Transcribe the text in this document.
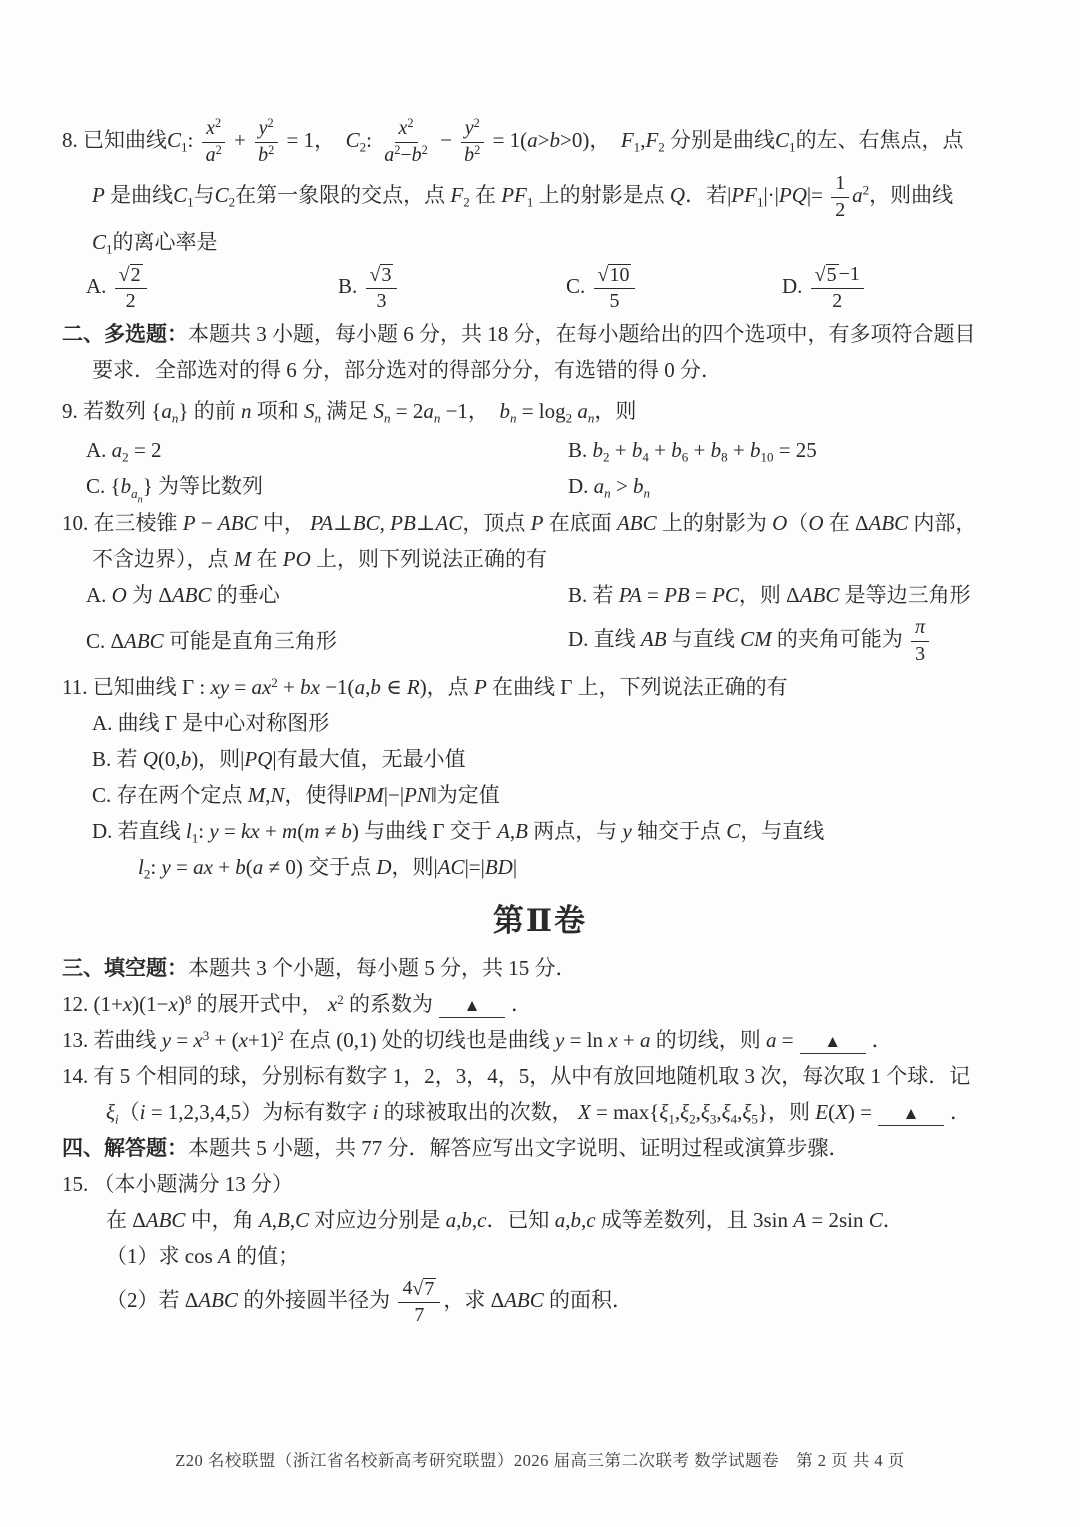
8. 已知曲线$C_1$: $\frac{x^2}{a^2} + \frac{y^2}{b^2} = 1$，  $C_2$: $\frac{x^2}{a^2-b^2} - \frac{y^2}{b^2} = 1(a>b>0)$，  $F_1,F_2$ 分别是曲线$C_1$的左、右焦点，点
P 是曲线$C_1$与$C_2$在第一象限的交点，点 $F_2$ 在 $PF_1$ 上的射影是点 Q．若$|PF_1|\cdot|PQ|= \frac{1}{2} a^2$，则曲线
$C_1$的离心率是
A. $\frac{√ 2}{2}$	B. $\frac{√ 3}{3}$	C. $\frac{√ 10}{5}$	D. $\frac{√ 5 -1}{2}$
二、多选题：本题共 3 小题，每小题 6 分，共 18 分，在每小题给出的四个选项中，有多项符合题目
要求．全部选对的得 6 分，部分选对的得部分分，有选错的得 0 分．
9. 若数列 $\{a_n\}$ 的前 n 项和 $S_n$ 满足 $S_n = 2a_n -1$，  $b_n = \log_2 a_n$，则
A. $a_2 = 2$	B. $b_2 + b_4 + b_6 + b_8 + b_{10} = 25$
C. $\{b_{a_n}\}$ 为等比数列	D. $a_n > b_n$
10. 在三棱锥 P − ABC 中， PA⊥BC, PB⊥AC，顶点 P 在底面 ABC 上的射影为 O（O 在 ΔABC 内部，
不含边界），点 M 在 PO 上，则下列说法正确的有
A. O 为 ΔABC 的垂心	B. 若 PA = PB = PC，则 ΔABC 是等边三角形
C. ΔABC 可能是直角三角形	D. 直线 AB 与直线 CM 的夹角可能为 $\frac{\pi}{3}$
11. 已知曲线 Γ : xy = $ax^2$ + bx −1(a,b ∈ R)，点 P 在曲线 Γ 上，下列说法正确的有
A. 曲线 Γ 是中心对称图形
B. 若 Q(0,b)，则|PQ|有最大值，无最小值
C. 存在两个定点 M,N，使得‖PM|−|PN‖为定值
D. 若直线 $l_1$: y = kx + m(m ≠ b) 与曲线 Γ 交于 A,B 两点，与 y 轴交于点 C，与直线
$l_2$: y = ax + b(a ≠ 0) 交于点 D，则|AC|=|BD|
第Ⅱ卷
三、填空题：本题共 3 个小题，每小题 5 分，共 15 分．
12. $(1+x)(1-x)^8$ 的展开式中， $x^2$ 的系数为 ▲ ．
13. 若曲线 $y = x^3 + (x+1)^2$ 在点 (0,1) 处的切线也是曲线 y = ln x + a 的切线，则 a = ▲ ．
14. 有 5 个相同的球，分别标有数字 1，2，3，4，5，从中有放回地随机取 3 次，每次取 1 个球．记
$\xi_i(i = 1,2,3,4,5)$为标有数字 i 的球被取出的次数， $X = \max\{\xi_1,\xi_2,\xi_3,\xi_4,\xi_5\}$，则 E(X) = ▲ ．
四、解答题：本题共 5 小题，共 77 分．解答应写出文字说明、证明过程或演算步骤．
15. （本小题满分 13 分）
在 ΔABC 中，角 A,B,C 对应边分别是 a,b,c．已知 a,b,c 成等差数列，且 3sin A = 2sin C．
（1）求 cos A 的值；
（2）若 ΔABC 的外接圆半径为 $\frac{4 √ 7}{7}$ ，求 ΔABC 的面积．
Z20 名校联盟（浙江省名校新高考研究联盟）2026 届高三第二次联考 数学试题卷　第 2 页 共 4 页
